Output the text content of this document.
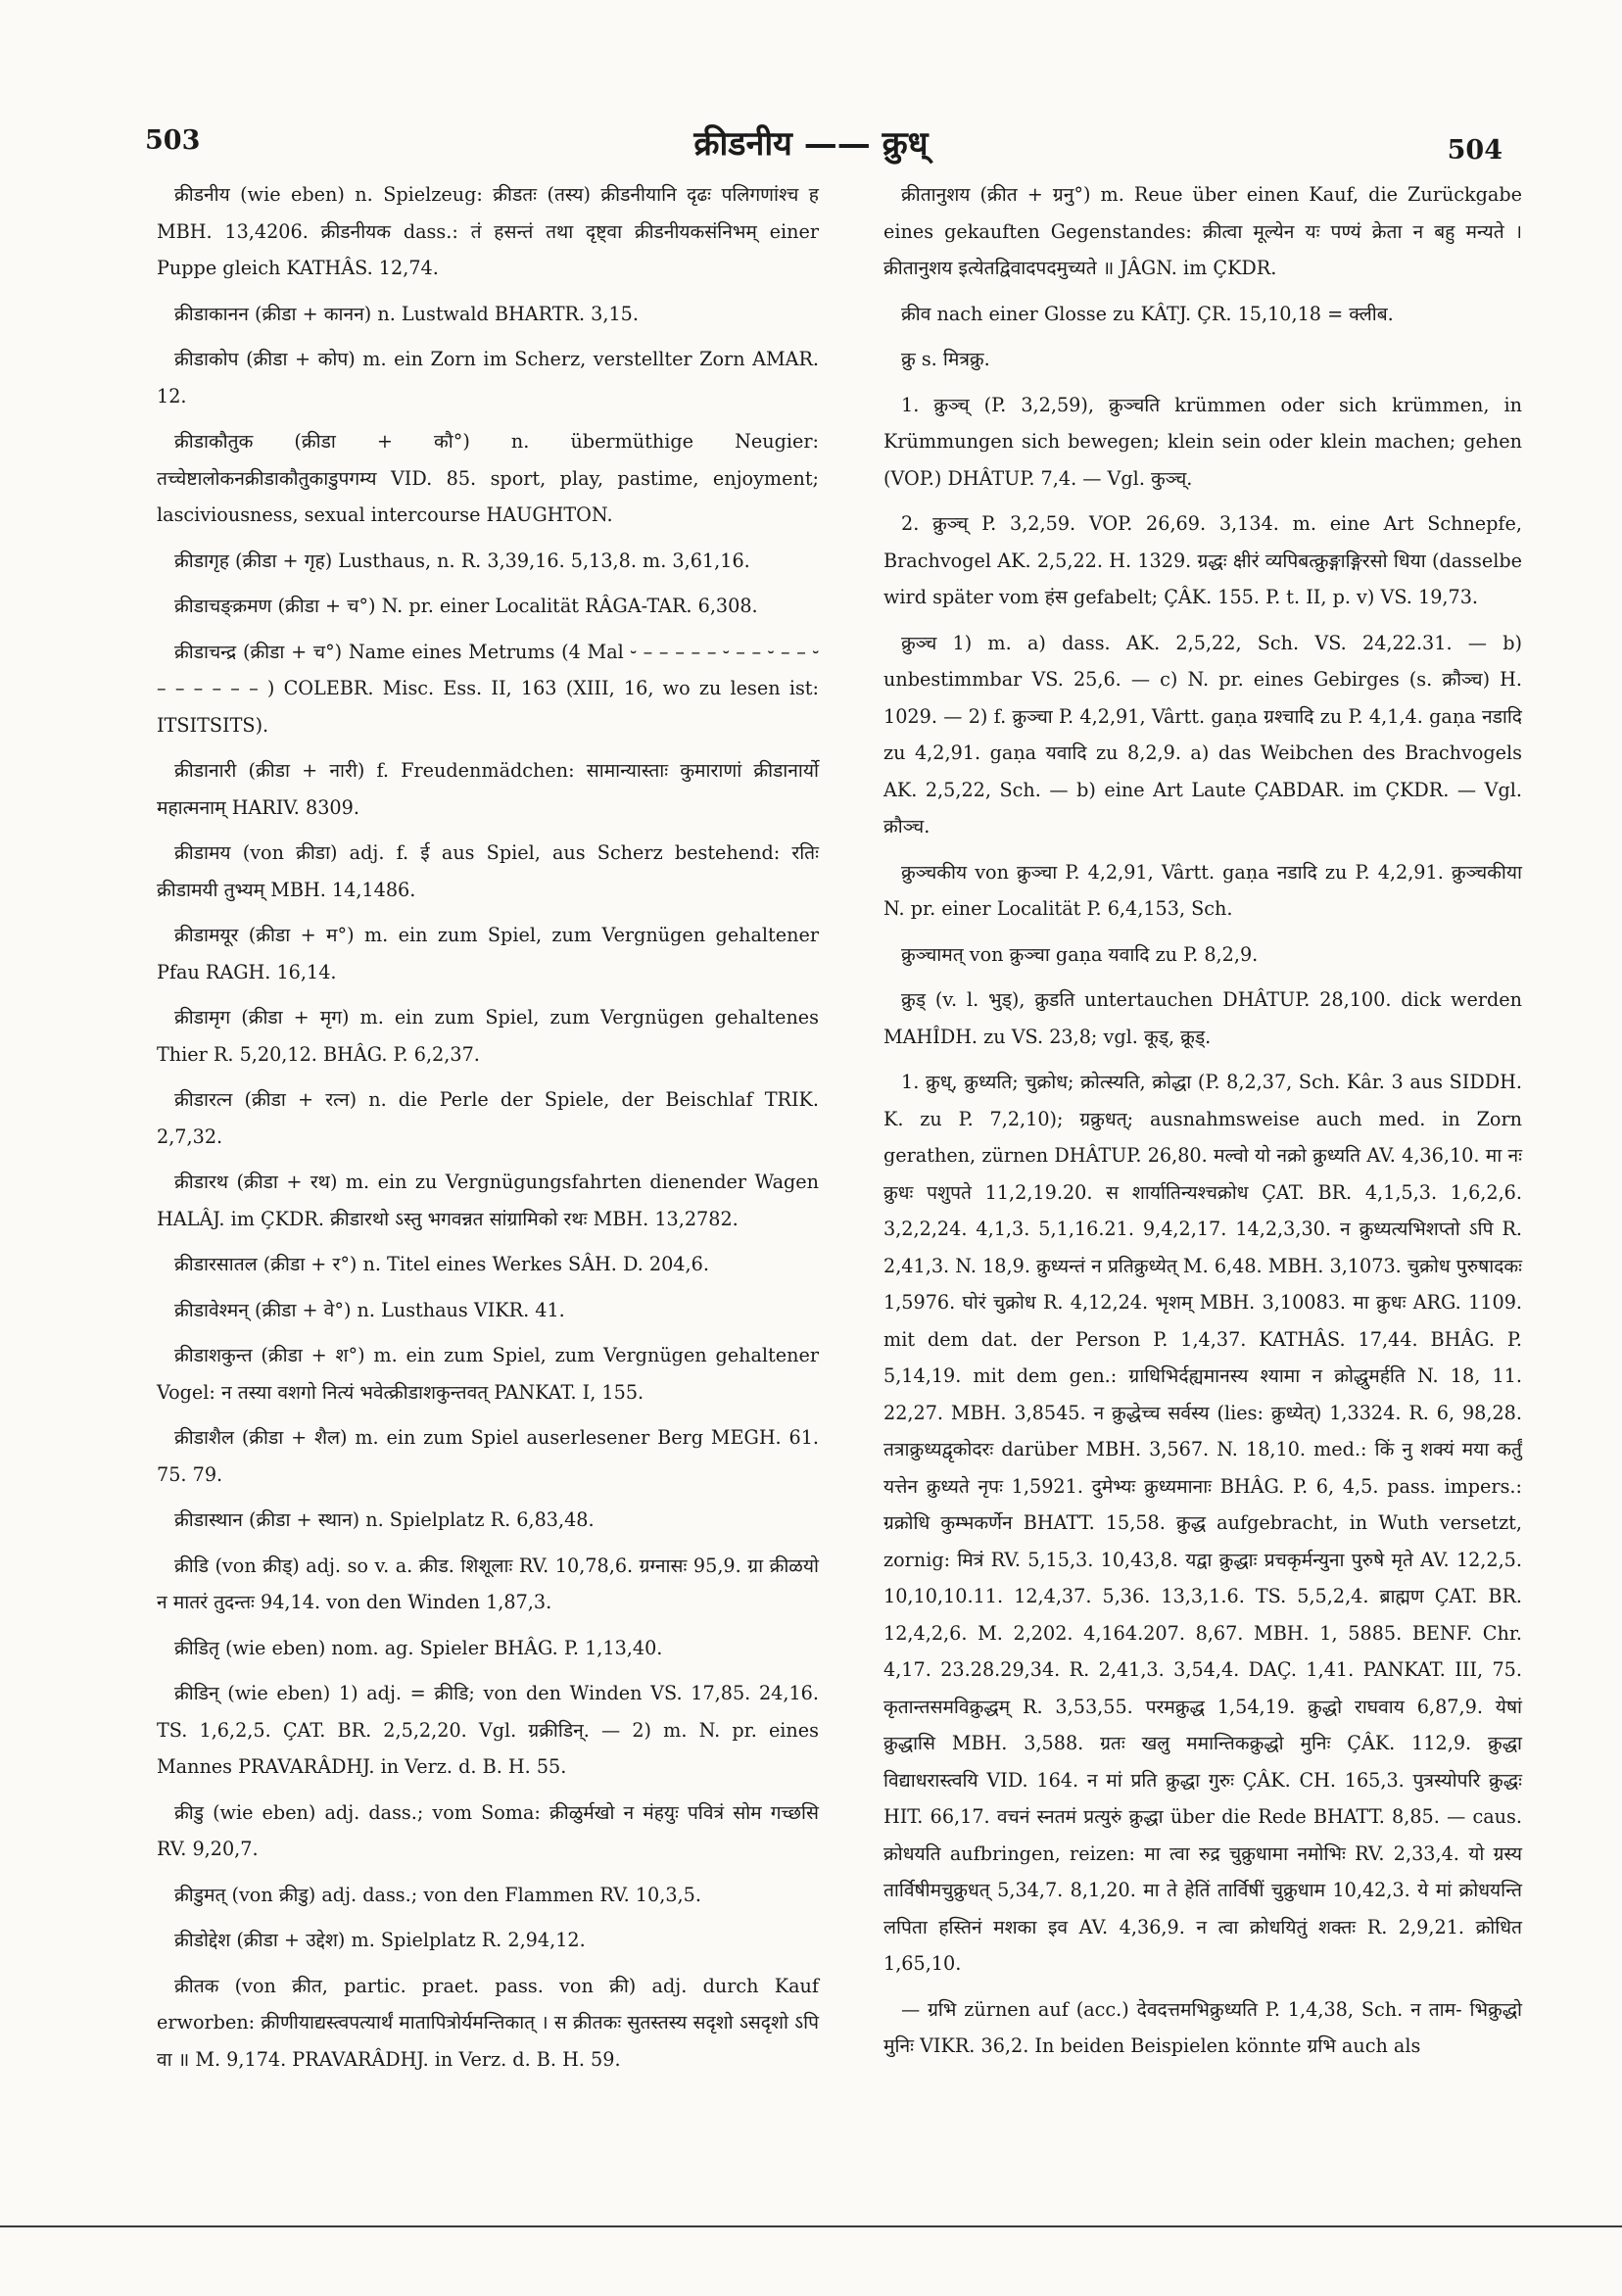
503	क्रीडनीय —— क्रुध्	504

क्रीडनीय (wie eben) n. Spielzeug: क्रीडतः (तस्य) क्रीडनीयानि दृढः पलिगणांश्च ह MBH. 13,4206. क्रीडनीयक dass.: तं हसन्तं तथा दृष्ट्वा क्रीडनीयकसंनिभम् einer Puppe gleich KATHÂS. 12,74.

क्रीडाकानन (क्रीडा + कानन) n. Lustwald BHARTR. 3,15.

क्रीडाकोप (क्रीडा + कोप) m. ein Zorn im Scherz, verstellter Zorn AMAR. 12.

क्रीडाकौतुक (क्रीडा + कौ°) n. übermüthige Neugier: तच्चेष्टालोकनक्रीडाकौतुकाडुपगम्य VID. 85. sport, play, pastime, enjoyment; lasciviousness, sexual intercourse HAUGHTON.

क्रीडागृह (क्रीडा + गृह) Lusthaus, n. R. 3,39,16. 5,13,8. m. 3,61,16.

क्रीडाचङ्क्रमण (क्रीडा + च°) N. pr. einer Localität RÂGA-TAR. 6,308.

क्रीडाचन्द्र (क्रीडा + च°) Name eines Metrums (4 Mal ⏑ – – – – – ⏑ – – ⏑ – – ⏑ – – – – – – ) COLEBR. Misc. Ess. II, 163 (XIII, 16, wo zu lesen ist: ITSITSITS).

क्रीडानारी (क्रीडा + नारी) f. Freudenmädchen: सामान्यास्ताः कुमाराणां क्रीडानार्यो महात्मनाम् HARIV. 8309.

क्रीडामय (von क्रीडा) adj. f. ई aus Spiel, aus Scherz bestehend: रतिः क्रीडामयी तुभ्यम् MBH. 14,1486.

क्रीडामयूर (क्रीडा + म°) m. ein zum Spiel, zum Vergnügen gehaltener Pfau RAGH. 16,14.

क्रीडामृग (क्रीडा + मृग) m. ein zum Spiel, zum Vergnügen gehaltenes Thier R. 5,20,12. BHÂG. P. 6,2,37.

क्रीडारत्न (क्रीडा + रत्न) n. die Perle der Spiele, der Beischlaf TRIK. 2,7,32.

क्रीडारथ (क्रीडा + रथ) m. ein zu Vergnügungsfahrten dienender Wagen HALÂJ. im ÇKDR. क्रीडारथो ऽस्तु भगवन्नत सांग्रामिको रथः MBH. 13,2782.

क्रीडारसातल (क्रीडा + र°) n. Titel eines Werkes SÂH. D. 204,6.

क्रीडावेश्मन् (क्रीडा + वे°) n. Lusthaus VIKR. 41.

क्रीडाशकुन्त (क्रीडा + श°) m. ein zum Spiel, zum Vergnügen gehaltener Vogel: न तस्या वशगो नित्यं भवेत्क्रीडाशकुन्तवत् PANKAT. I, 155.

क्रीडाशैल (क्रीडा + शैल) m. ein zum Spiel auserlesener Berg MEGH. 61. 75. 79.

क्रीडास्थान (क्रीडा + स्थान) n. Spielplatz R. 6,83,48.

क्रीडि (von क्रीड्) adj. so v. a. क्रीड. शिशूलाः RV. 10,78,6. ग्रग्नासः 95,9. ग्रा क्रीळयो न मातरं तुदन्तः 94,14. von den Winden 1,87,3.

क्रीडितृ (wie eben) nom. ag. Spieler BHÂG. P. 1,13,40.

क्रीडिन् (wie eben) 1) adj. = क्रीडि; von den Winden VS. 17,85. 24,16. TS. 1,6,2,5. ÇAT. BR. 2,5,2,20. Vgl. ग्रक्रीडिन्. — 2) m. N. pr. eines Mannes PRAVARÂDHJ. in Verz. d. B. H. 55.

क्रीडु (wie eben) adj. dass.; vom Soma: क्रीळुर्मखो न मंहयुः पवित्रं सोम गच्छसि RV. 9,20,7.

क्रीडुमत् (von क्रीडु) adj. dass.; von den Flammen RV. 10,3,5.

क्रीडोद्देश (क्रीडा + उद्देश) m. Spielplatz R. 2,94,12.

क्रीतक (von क्रीत, partic. praet. pass. von क्री) adj. durch Kauf erworben: क्रीणीयाद्यस्त्वपत्यार्थं मातापित्रोर्यमन्तिकात् । स क्रीतकः सुतस्तस्य सदृशो ऽसदृशो ऽपि वा ॥ M. 9,174. PRAVARÂDHJ. in Verz. d. B. H. 59.

क्रीतानुशय (क्रीत + ग्रनु°) m. Reue über einen Kauf, die Zurückgabe eines gekauften Gegenstandes: क्रीत्वा मूल्येन यः पण्यं क्रेता न बहु मन्यते । क्रीतानुशय इत्येतद्विवादपदमुच्यते ॥ JÂGN. im ÇKDR.

क्रीव nach einer Glosse zu KÂTJ. ÇR. 15,10,18 = क्लीब.

क्रु s. मित्रक्रु.

1. क्रुञ्च् (P. 3,2,59), क्रुञ्चति krümmen oder sich krümmen, in Krümmungen sich bewegen; klein sein oder klein machen; gehen (VOP.) DHÂTUP. 7,4. — Vgl. कुञ्च्.

2. क्रुञ्च् P. 3,2,59. VOP. 26,69. 3,134. m. eine Art Schnepfe, Brachvogel AK. 2,5,22. H. 1329. ग्रद्धः क्षीरं व्यपिबत्क्रुङ्गाङ्गिरसो धिया (dasselbe wird später vom हंस gefabelt; ÇÂK. 155. P. t. II, p. v) VS. 19,73.

क्रुञ्च 1) m. a) dass. AK. 2,5,22, Sch. VS. 24,22.31. — b) unbestimmbar VS. 25,6. — c) N. pr. eines Gebirges (s. क्रौञ्च) H. 1029. — 2) f. क्रुञ्चा P. 4,2,91, Vârtt. gaṇa ग्रश्चादि zu P. 4,1,4. gaṇa नडादि zu 4,2,91. gaṇa यवादि zu 8,2,9. a) das Weibchen des Brachvogels AK. 2,5,22, Sch. — b) eine Art Laute ÇABDAR. im ÇKDR. — Vgl. क्रौञ्च.

क्रुञ्चकीय von क्रुञ्चा P. 4,2,91, Vârtt. gaṇa नडादि zu P. 4,2,91. क्रुञ्चकीया N. pr. einer Localität P. 6,4,153, Sch.

क्रुञ्चामत् von क्रुञ्चा gaṇa यवादि zu P. 8,2,9.

क्रुड् (v. l. भुड्), क्रुडति untertauchen DHÂTUP. 28,100. dick werden MAHÎDH. zu VS. 23,8; vgl. कूड्, क्रूड्.

1. क्रुध्, क्रुध्यति; चुक्रोध; क्रोत्स्यति, क्रोद्धा (P. 8,2,37, Sch. Kâr. 3 aus SIDDH. K. zu P. 7,2,10); ग्रक्रुधत्; ausnahmsweise auch med. in Zorn gerathen, zürnen DHÂTUP. 26,80. मल्वो यो नक्रो क्रुध्यति AV. 4,36,10. मा नः क्रुधः पशुपते 11,2,19.20. स शार्यातिन्यश्चक्रोध ÇAT. BR. 4,1,5,3. 1,6,2,6. 3,2,2,24. 4,1,3. 5,1,16.21. 9,4,2,17. 14,2,3,30. न क्रुध्यत्यभिशप्तो ऽपि R. 2,41,3. N. 18,9. क्रुध्यन्तं न प्रतिक्रुध्येत् M. 6,48. MBH. 3,1073. चुक्रोध पुरुषादकः 1,5976. घोरं चुक्रोध R. 4,12,24. भृशम् MBH. 3,10083. मा क्रुधः ARG. 1109. mit dem dat. der Person P. 1,4,37. KATHÂS. 17,44. BHÂG. P. 5,14,19. mit dem gen.: ग्राधिभिर्दह्यमानस्य श्यामा न क्रोद्धुमर्हति N. 18, 11. 22,27. MBH. 3,8545. न क्रुद्धेच्च सर्वस्य (lies: क्रुध्येत्) 1,3324. R. 6, 98,28. तत्राक्रुध्यद्वृकोदरः darüber MBH. 3,567. N. 18,10. med.: किं नु शक्यं मया कर्तुं यत्तेन क्रुध्यते नृपः 1,5921. दुमेभ्यः क्रुध्यमानाः BHÂG. P. 6, 4,5. pass. impers.: ग्रक्रोधि कुम्भकर्णेन BHATT. 15,58. क्रुद्ध aufgebracht, in Wuth versetzt, zornig: मित्रं RV. 5,15,3. 10,43,8. यद्वा क्रुद्धाः प्रचकृर्मन्युना पुरुषे मृते AV. 12,2,5. 10,10,10.11. 12,4,37. 5,36. 13,3,1.6. TS. 5,5,2,4. ब्राह्मण ÇAT. BR. 12,4,2,6. M. 2,202. 4,164.207. 8,67. MBH. 1, 5885. BENF. Chr. 4,17. 23.28.29,34. R. 2,41,3. 3,54,4. DAÇ. 1,41. PANKAT. III, 75. कृतान्तसमविक्रुद्धम् R. 3,53,55. परमक्रुद्ध 1,54,19. क्रुद्धो राघवाय 6,87,9. येषां क्रुद्धासि MBH. 3,588. ग्रतः खलु ममान्तिकक्रुद्धो मुनिः ÇÂK. 112,9. क्रुद्धा विद्याधरास्त्वयि VID. 164. न मां प्रति क्रुद्धा गुरुः ÇÂK. CH. 165,3. पुत्रस्योपरि क्रुद्धः HIT. 66,17. वचनं स्नतमं प्रत्युरुं क्रुद्धा über die Rede BHATT. 8,85. — caus. क्रोधयति aufbringen, reizen: मा त्वा रुद्र चुक्रुधामा नमोभिः RV. 2,33,4. यो ग्रस्य तार्विषीमचुक्रुधत् 5,34,7. 8,1,20. मा ते हेतिं तार्विषीं चुक्रुधाम 10,42,3. ये मां क्रोधयन्ति लपिता हस्तिनं मशका इव AV. 4,36,9. न त्वा क्रोधयितुं शक्तः R. 2,9,21. क्रोधित 1,65,10.

— ग्रभि zürnen auf (acc.) देवदत्तमभिक्रुध्यति P. 1,4,38, Sch. न ताम- भिक्रुद्धो मुनिः VIKR. 36,2. In beiden Beispielen könnte ग्रभि auch als
